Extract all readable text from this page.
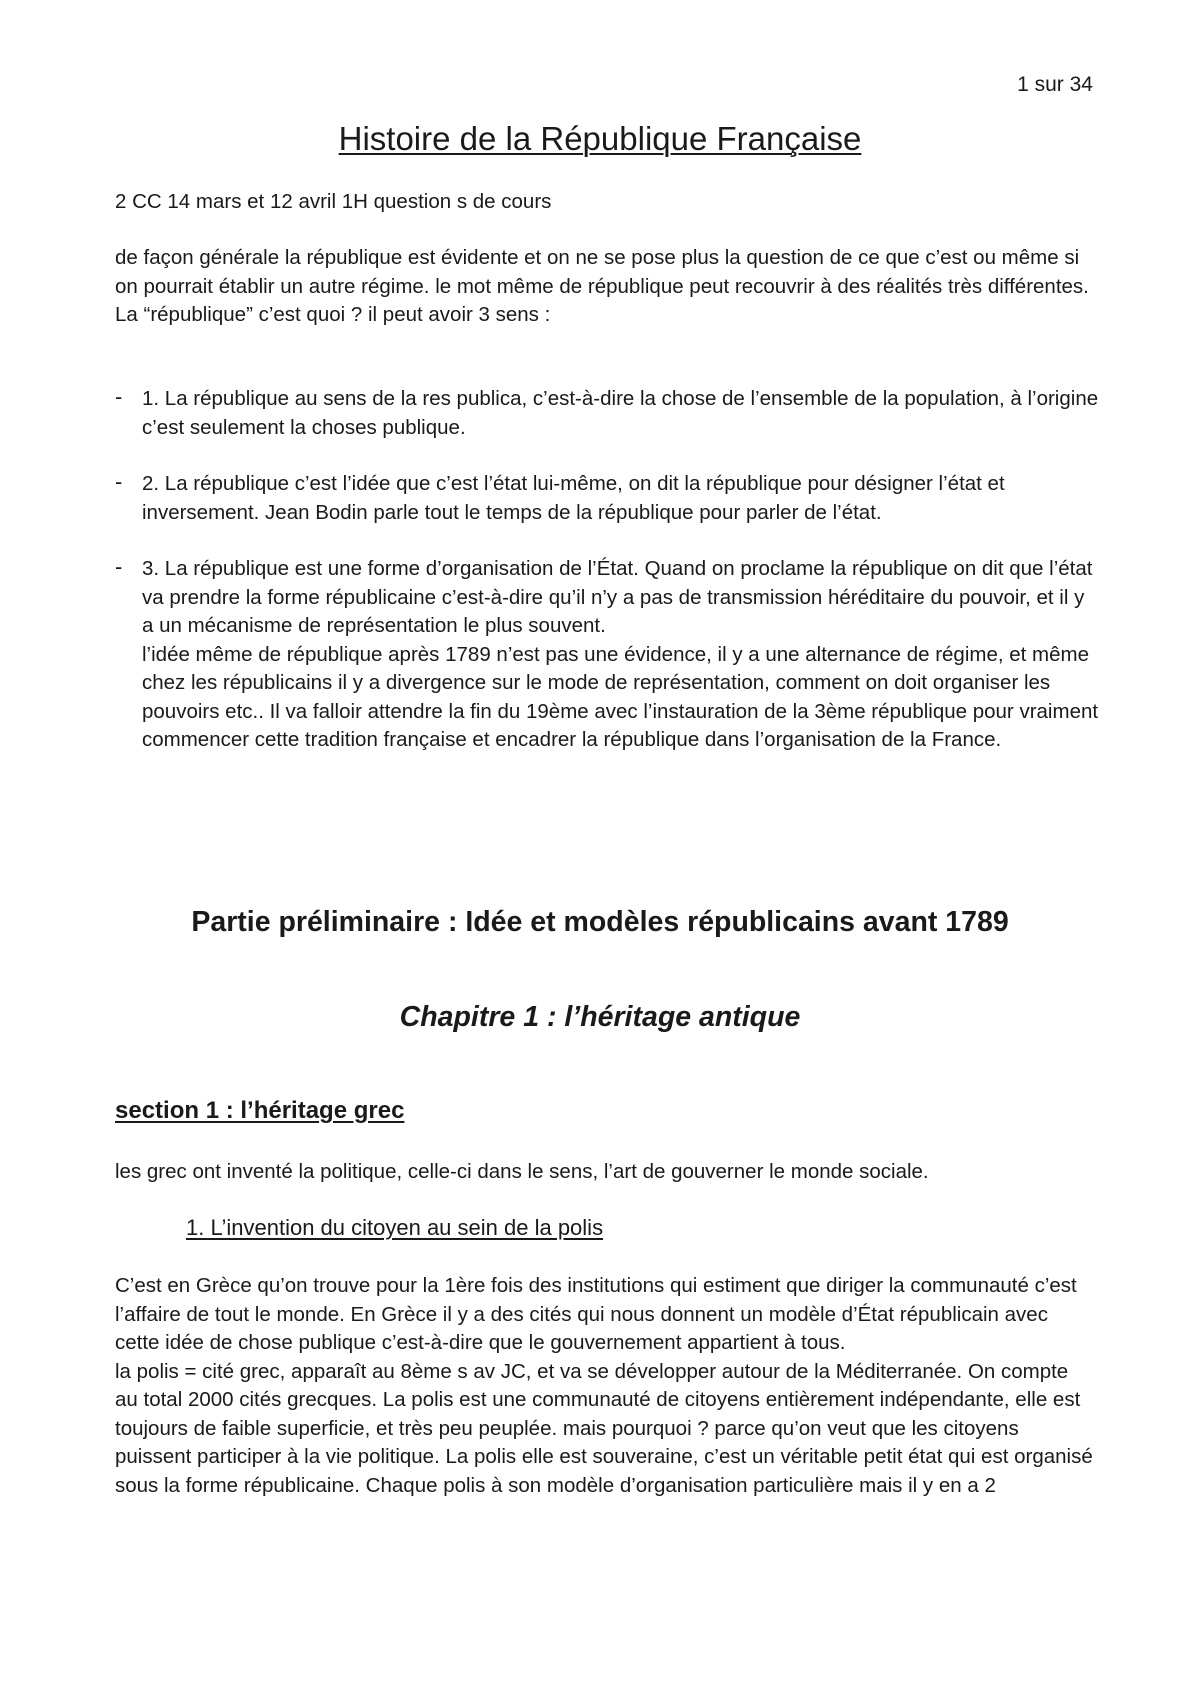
1 sur 34
Histoire de la République Française
2 CC 14 mars et 12 avril 1H question s de cours

de façon générale la république est évidente et on ne se pose plus la question de ce que c’est ou même si on pourrait établir un autre régime. le mot même de république peut recouvrir à des réalités très différentes.

La “république” c’est quoi ? il peut avoir 3 sens :

- 1. La république au sens de la res publica, c’est-à-dire la chose de l’ensemble de la population, à l’origine c’est seulement la choses publique.

- 2. La république c’est l’idée que c’est l’état lui-même, on dit la république pour désigner l’état et inversement. Jean Bodin parle tout le temps de la république pour parler de l’état.

- 3. La république est une forme d’organisation de l’État. Quand on proclame la république on dit que l’état va prendre la forme républicaine c’est-à-dire qu’il n’y a pas de transmission héréditaire du pouvoir, et il y a un mécanisme de représentation le plus souvent.

l’idée même de république après 1789 n’est pas une évidence, il y a une alternance de régime, et même chez les républicains il y a divergence sur le mode de représentation, comment on doit organiser les pouvoirs etc.. Il va falloir attendre la fin du 19ème avec l’instauration de la 3ème république pour vraiment commencer cette tradition française et encadrer la république dans l’organisation de la France.

Partie préliminaire : Idée et modèles républicains avant 1789
Chapitre 1 : l’héritage antique
section 1 : l’héritage grec
les grec ont inventé la politique, celle-ci dans le sens, l’art de gouverner le monde sociale.
1. L’invention du citoyen au sein de la polis

C’est en Grèce qu’on trouve pour la 1ère fois des institutions qui estiment que diriger la communauté c’est l’affaire de tout le monde. En Grèce il y a des cités qui nous donnent un modèle d’État républicain avec cette idée de chose publique c’est-à-dire que le gouvernement appartient à tous.

la polis = cité grec, apparaît au 8ème s av JC, et va se développer autour de la Méditerranée. On compte au total 2000 cités grecques. La polis est une communauté de citoyens entièrement indépendante, elle est toujours de faible superficie, et très peu peuplée. mais pourquoi ? parce qu’on veut que les citoyens puissent participer à la vie politique. La polis elle est souveraine, c’est un véritable petit état qui est organisé sous la forme républicaine. Chaque polis à son modèle d’organisation particulière mais il y en a 2
